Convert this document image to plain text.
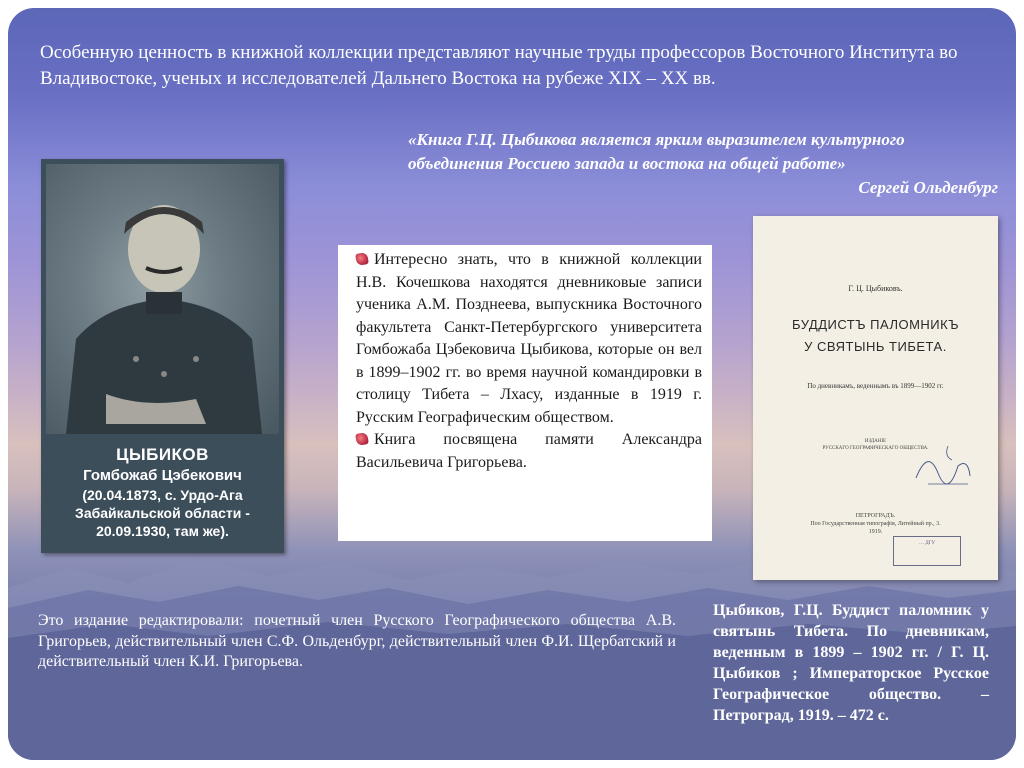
Особенную ценность в книжной коллекции представляют научные труды профессоров Восточного Института во Владивостоке, ученых и исследователей Дальнего Востока на рубеже XIX – XX вв.
«Книга Г.Ц. Цыбикова является ярким выразителем культурного объединения Россиею запада и востока на общей работе»
Сергей Ольденбург
ЦЫБИКОВ
Гомбожаб Цэбекович
(20.04.1873, с. Урдо-Ага
Забайкальской области -
20.09.1930, там же).

Интересно знать, что в книжной коллекции Н.В. Кочешкова находятся дневниковые записи ученика А.М. Позднеева, выпускника Восточного факультета Санкт-Петербургского университета Гомбожаба Цэбековича Цыбикова, которые он вел в 1899–1902 гг. во время научной командировки в столицу Тибета – Лхасу, изданные в 1919 г. Русским Географическим обществом.

Книга посвящена памяти Александра Васильевича Григорьева.

Г. Ц. Цыбиковъ.
БУДДИСТЪ ПАЛОМНИКЪ
У СВЯТЫНЬ ТИБЕТА.
По дневникамъ, веденнымъ въ 1899—1902 гг.
ИЗДАНІЕ
РУССКАГО ГЕОГРАФИЧЕСКАГО ОБЩЕСТВА.
ПЕТРОГРАДЪ.
Поо Государственная типографія, Литейный пр., 3.
1919.
… ДГУ
Это издание редактировали: почетный член Русского Географического общества А.В. Григорьев, действительный член С.Ф. Ольденбург, действительный член Ф.И. Щербатский и действительный член К.И. Григорьева.
Цыбиков, Г.Ц. Буддист паломник у святынь Тибета. По дневникам, веденным в 1899 – 1902 гг. / Г. Ц. Цыбиков ; Императорское Русское Географическое общество. – Петроград, 1919. – 472 с.
